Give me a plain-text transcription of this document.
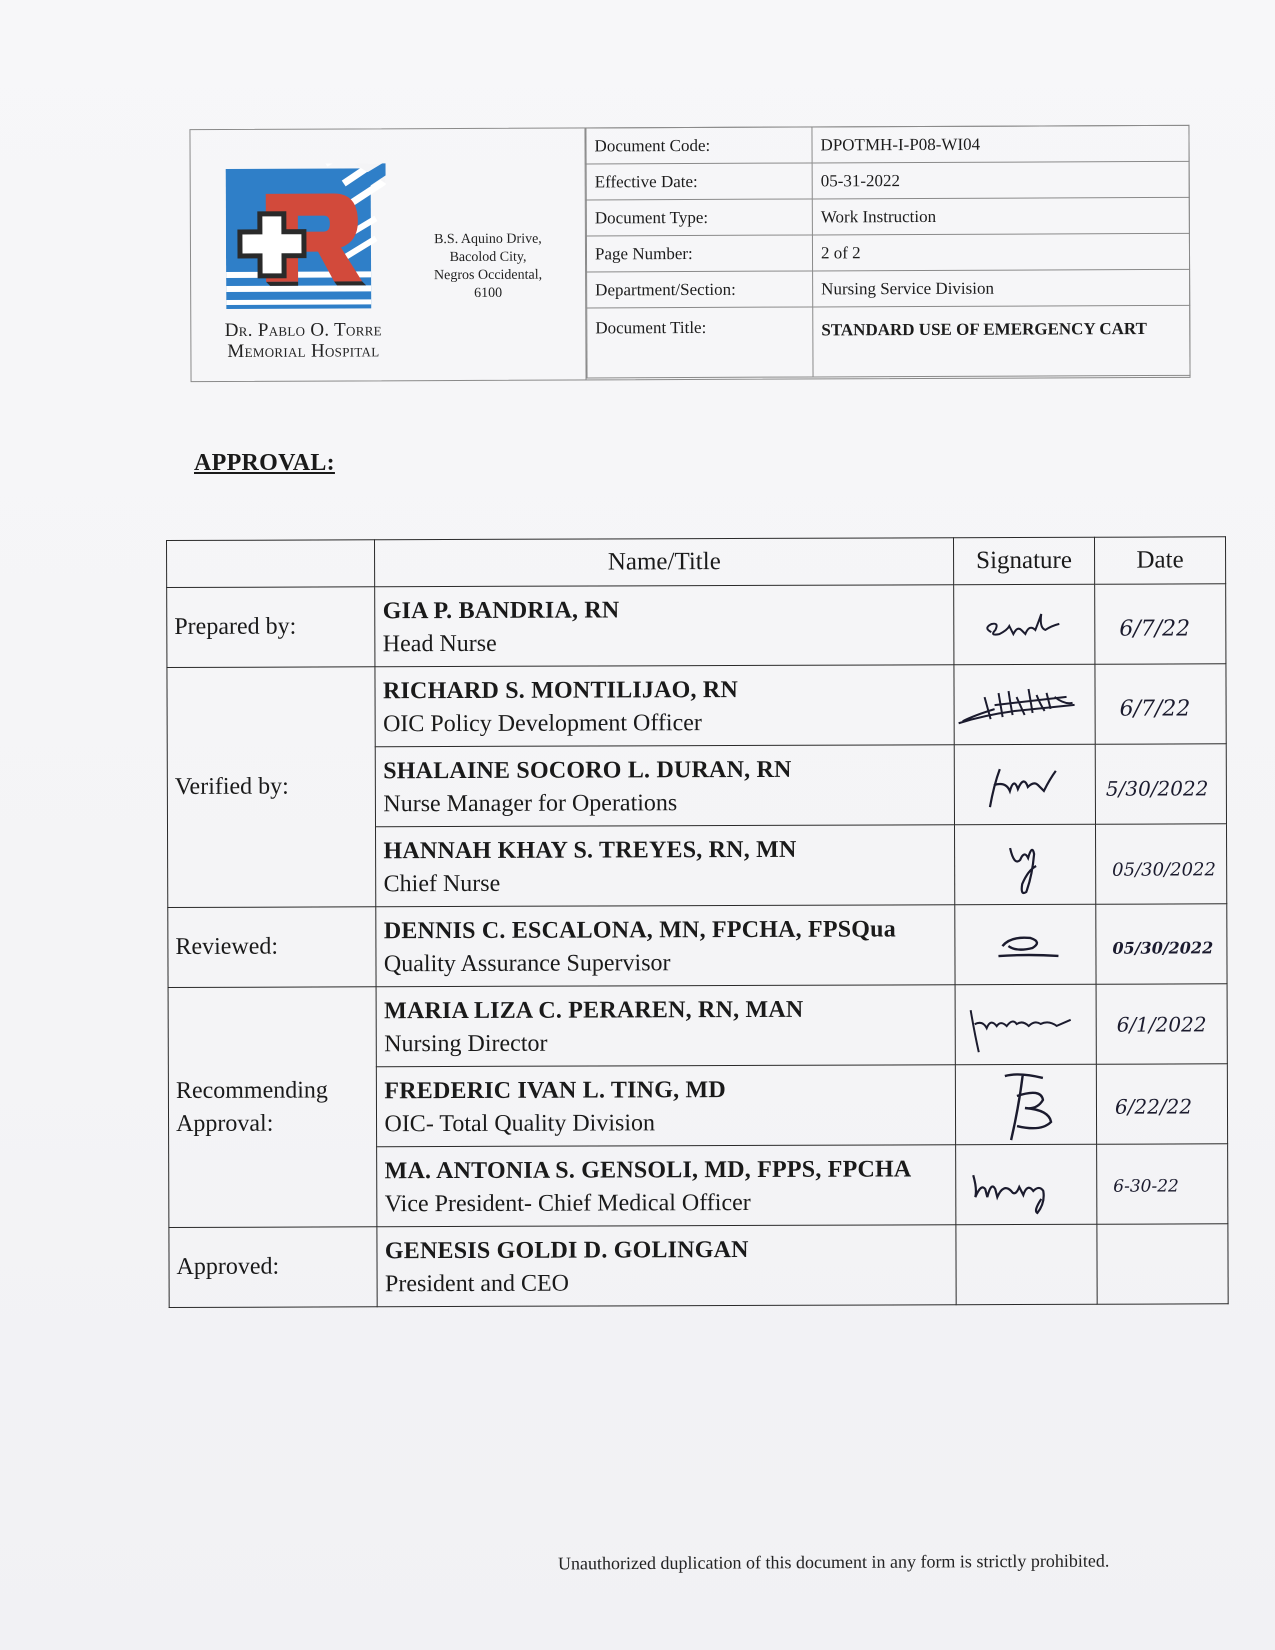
Dr. Pablo O. Torre
Memorial Hospital
B.S. Aquino Drive,
Bacolod City,
Negros Occidental,
6100
Document Code:	DPOTMH-I-P08-WI04
Effective Date:	05-31-2022
Document Type:	Work Instruction
Page Number:	2 of 2
Department/Section:	Nursing Service Division
Document Title:	STANDARD USE OF EMERGENCY CART
APPROVAL:
	Name/Title	Signature	Date
Prepared by:	GIA P. BANDRIA, RN
Head Nurse		6/7/22

Verified by:	RICHARD S. MONTILIJAO, RN
OIC Policy Development Officer		6/7/22

	SHALAINE SOCORO L. DURAN, RN
Nurse Manager for Operations		5/30/2022

	HANNAH KHAY S. TREYES, RN, MN
Chief Nurse		05/30/2022

Reviewed:	DENNIS C. ESCALONA, MN, FPCHA, FPSQua
Quality Assurance Supervisor		05/30/2022

Recommending Approval:	MARIA LIZA C. PERAREN, RN, MAN
Nursing Director		6/1/2022

	FREDERIC IVAN L. TING, MD
OIC- Total Quality Division		6/22/22

	MA. ANTONIA S. GENSOLI, MD, FPPS, FPCHA
Vice President- Chief Medical Officer		6-30-22

Approved:	GENESIS GOLDI D. GOLINGAN
President and CEO		

Unauthorized duplication of this document in any form is strictly prohibited.
